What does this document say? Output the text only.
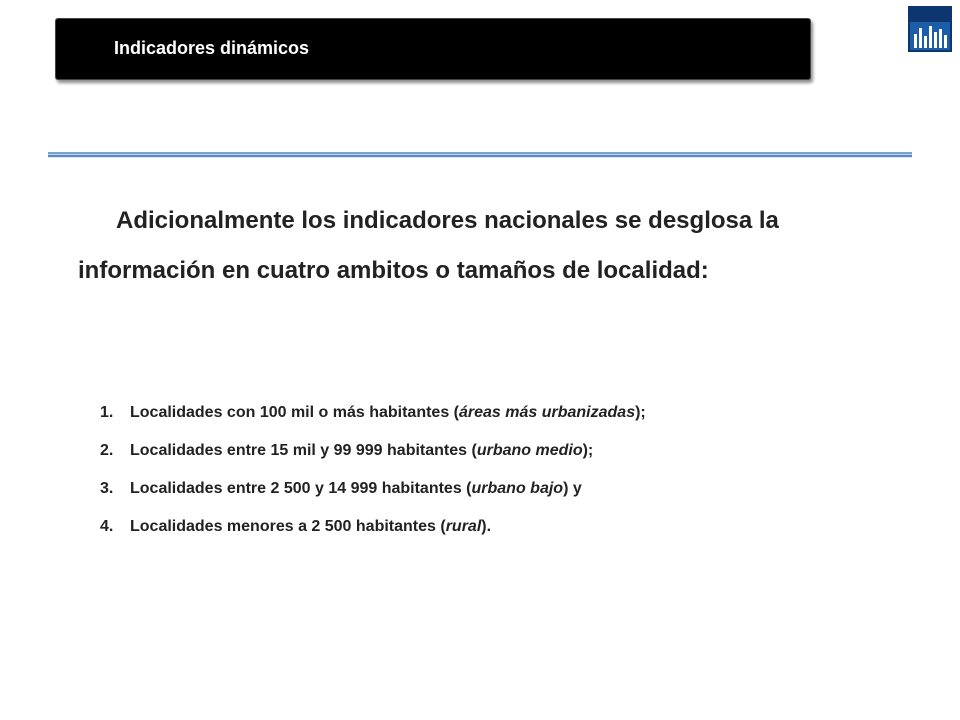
Indicadores dinámicos

Adicionalmente los indicadores nacionales se desglosa la información en cuatro ambitos o tamaños de localidad:

1.	Localidades con 100 mil o más habitantes (áreas más urbanizadas);
2.	Localidades entre 15 mil y 99 999 habitantes (urbano medio);
3.	Localidades entre 2 500 y 14 999 habitantes (urbano bajo) y
4.	Localidades menores a 2 500 habitantes (rural).
